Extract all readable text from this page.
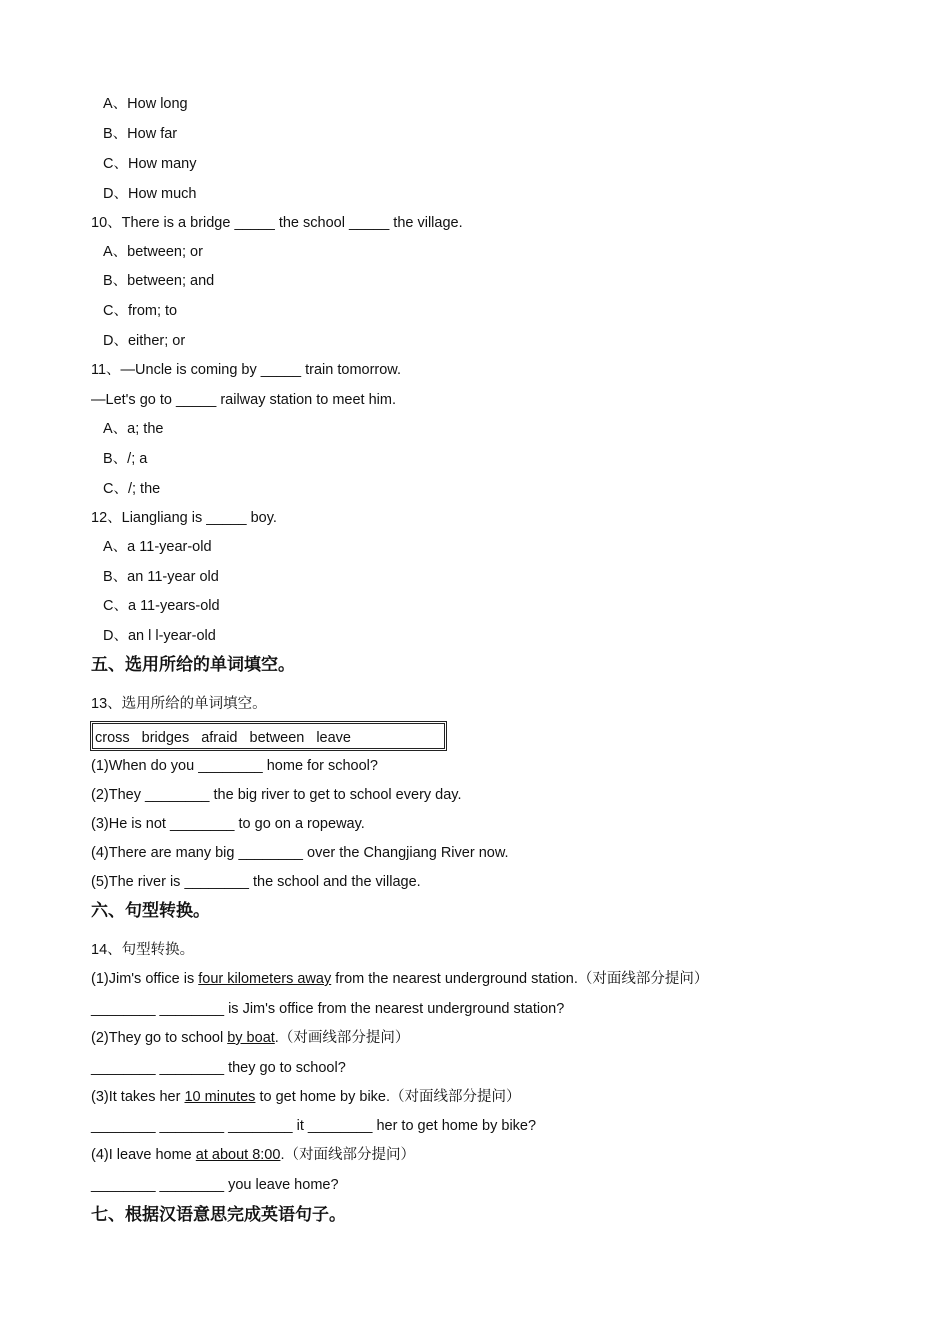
A、How long
B、How far
C、How many
D、How much
10、There is a bridge _____ the school _____ the village.
A、between; or
B、between; and
C、from; to
D、either; or
11、—Uncle is coming by _____ train tomorrow.
—Let's go to _____ railway station to meet him.
A、a; the
B、/; a
C、/; the
12、Liangliang is _____ boy.
A、a 11-year-old
B、an 11-year old
C、a 11-years-old
D、an l l-year-old
五、选用所给的单词填空。
13、选用所给的单词填空。
cross bridges afraid between leave
(1)When do you ________ home for school?
(2)They ________ the big river to get to school every day.
(3)He is not ________ to go on a ropeway.
(4)There are many big ________ over the Changjiang River now.
(5)The river is ________ the school and the village.
六、句型转换。
14、句型转换。
(1)Jim's office is four kilometers away from the nearest underground station.（对面线部分提问）
________ ________ is Jim's office from the nearest underground station?
(2)They go to school by boat.（对画线部分提问）
________ ________ they go to school?
(3)It takes her 10 minutes to get home by bike.（对面线部分提问）
________ ________ ________ it ________ her to get home by bike?
(4)I leave home at about 8:00.（对面线部分提问）
________ ________ you leave home?
七、根据汉语意思完成英语句子。
